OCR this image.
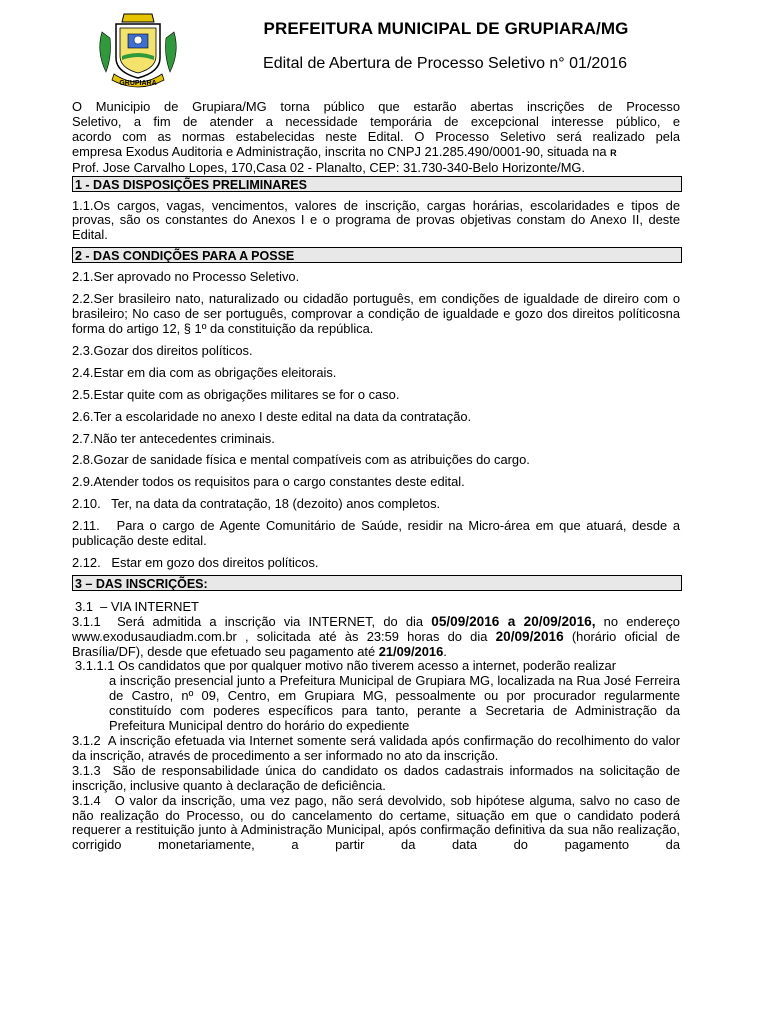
GRUPIARA
PREFEITURA MUNICIPAL DE GRUPIARA/MG
Edital de Abertura de Processo Seletivo n° 01/2016

O Municipio de Grupiara/MG torna público que estarão abertas inscrições de Processo

Seletivo, a fim de atender a necessidade temporária de excepcional interesse público, e

acordo com as normas estabelecidas neste Edital. O Processo Seletivo será realizado pela

empresa Exodus Auditoria e Administração, inscrita no CNPJ 21.285.490/0001-90, situada na R

Prof. Jose Carvalho Lopes, 170,Casa 02 - Planalto, CEP: 31.730-340-Belo Horizonte/MG.

1 - DAS DISPOSIÇÕES PRELIMINARES

1.1.Os cargos, vagas, vencimentos, valores de inscrição, cargas horárias, escolaridades e tipos de provas, são os constantes do Anexos I e o programa de provas objetivas constam do Anexo II, deste Edital.

2 - DAS CONDIÇÕES PARA A POSSE

2.1.Ser aprovado no Processo Seletivo.

2.2.Ser brasileiro nato, naturalizado ou cidadão português, em condições de igualdade de direiro com o brasileiro; No caso de ser português, comprovar a condição de igualdade e gozo dos direitos políticosna forma do artigo 12, § 1º da constituição da república.

2.3.Gozar dos direitos políticos.

2.4.Estar em dia com as obrigações eleitorais.

2.5.Estar quite com as obrigações militares se for o caso.

2.6.Ter a escolaridade no anexo I deste edital na data da contratação.

2.7.Não ter antecedentes criminais.

2.8.Gozar de sanidade física e mental compatíveis com as atribuições do cargo.

2.9.Atender todos os requisitos para o cargo constantes deste edital.

2.10.   Ter, na data da contratação, 18 (dezoito) anos completos.

2.11.   Para o cargo de Agente Comunitário de Saúde, residir na Micro-área em que atuará, desde a publicação deste edital.

2.12.   Estar em gozo dos direitos políticos.

3 – DAS INSCRIÇÕES:

3.1  – VIA INTERNET

3.1.1  Será admitida a inscrição via INTERNET, do dia 05/09/2016 a 20/09/2016, no endereço www.exodusaudiadm.com.br , solicitada até às 23:59 horas do dia 20/09/2016 (horário oficial de Brasília/DF), desde que efetuado seu pagamento até 21/09/2016.

3.1.1.1 Os candidatos que por qualquer motivo não tiverem acesso a internet, poderão realizar

a inscrição presencial junto a Prefeitura Municipal de Grupiara MG, localizada na Rua José Ferreira de Castro, nº 09, Centro, em Grupiara MG, pessoalmente ou por procurador regularmente constituído com poderes específicos para tanto, perante a Secretaria de Administração da Prefeitura Municipal dentro do horário do expediente

3.1.2  A inscrição efetuada via Internet somente será validada após confirmação do recolhimento do valor da inscrição, através de procedimento a ser informado no ato da inscrição.

3.1.3  São de responsabilidade única do candidato os dados cadastrais informados na solicitação de inscrição, inclusive quanto à declaração de deficiência.

3.1.4   O valor da inscrição, uma vez pago, não será devolvido, sob hipótese alguma, salvo no caso de não realização do Processo, ou do cancelamento do certame, situação em que o candidato poderá requerer a restituição junto à Administração Municipal, após confirmação definitiva da sua não realização, corrigido monetariamente, a partir da data do pagamento da
